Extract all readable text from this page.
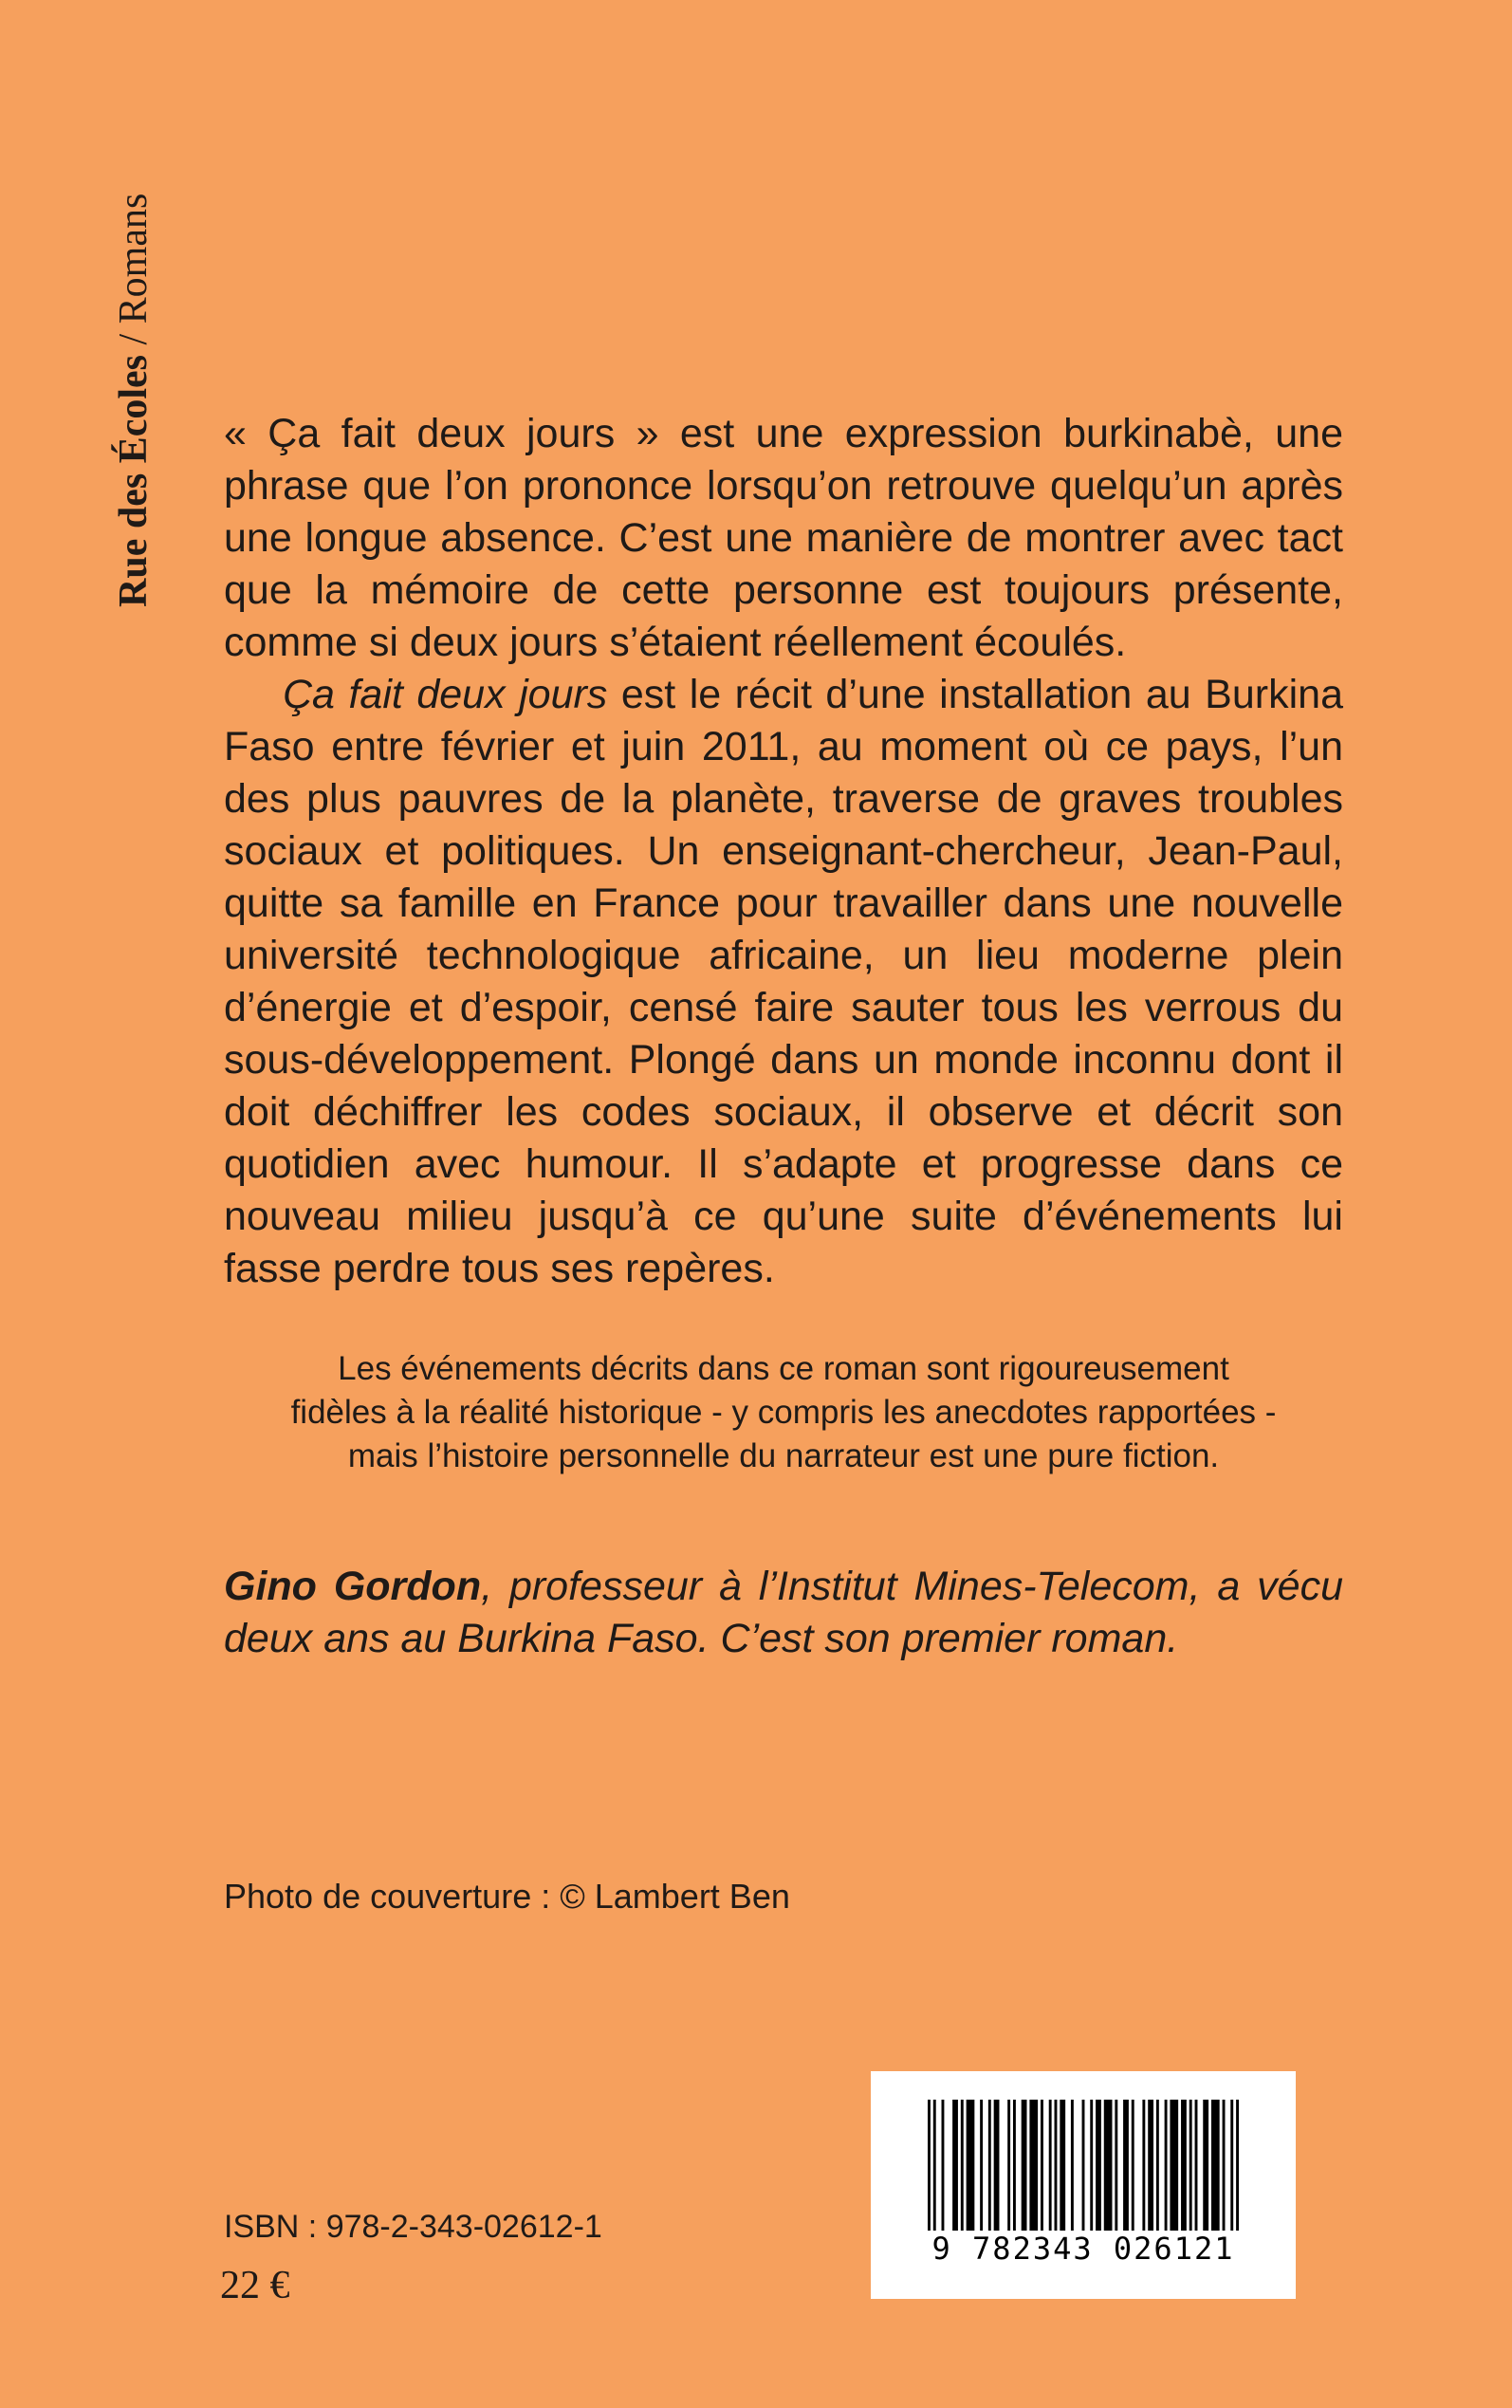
Rue des Écoles / Romans

« Ça fait deux jours » est une expression burkinabè, une phrase que l’on prononce lorsqu’on retrouve quelqu’un après une longue absence. C’est une manière de montrer avec tact que la mémoire de cette personne est toujours présente, comme si deux jours s’étaient réellement écoulés.

Ça fait deux jours est le récit d’une installation au Burkina Faso entre février et juin 2011, au moment où ce pays, l’un des plus pauvres de la planète, traverse de graves troubles sociaux et politiques. Un enseignant-chercheur, Jean-Paul, quitte sa famille en France pour travailler dans une nouvelle université technologique africaine, un lieu moderne plein d’énergie et d’espoir, censé faire sauter tous les verrous du sous-développement. Plongé dans un monde inconnu dont il doit déchiffrer les codes sociaux, il observe et décrit son quotidien avec humour. Il s’adapte et progresse dans ce nouveau milieu jusqu’à ce qu’une suite d’événements lui fasse perdre tous ses repères.

Les événements décrits dans ce roman sont rigoureusement
fidèles à la réalité historique - y compris les anecdotes rapportées -
mais l’histoire personnelle du narrateur est une pure fiction.
Gino Gordon, professeur à l’Institut Mines-Telecom, a vécu deux ans au Burkina Faso. C’est son premier roman.
Photo de couverture : © Lambert Ben
ISBN : 978-2-343-02612-1
22 €
9 782343 026121
